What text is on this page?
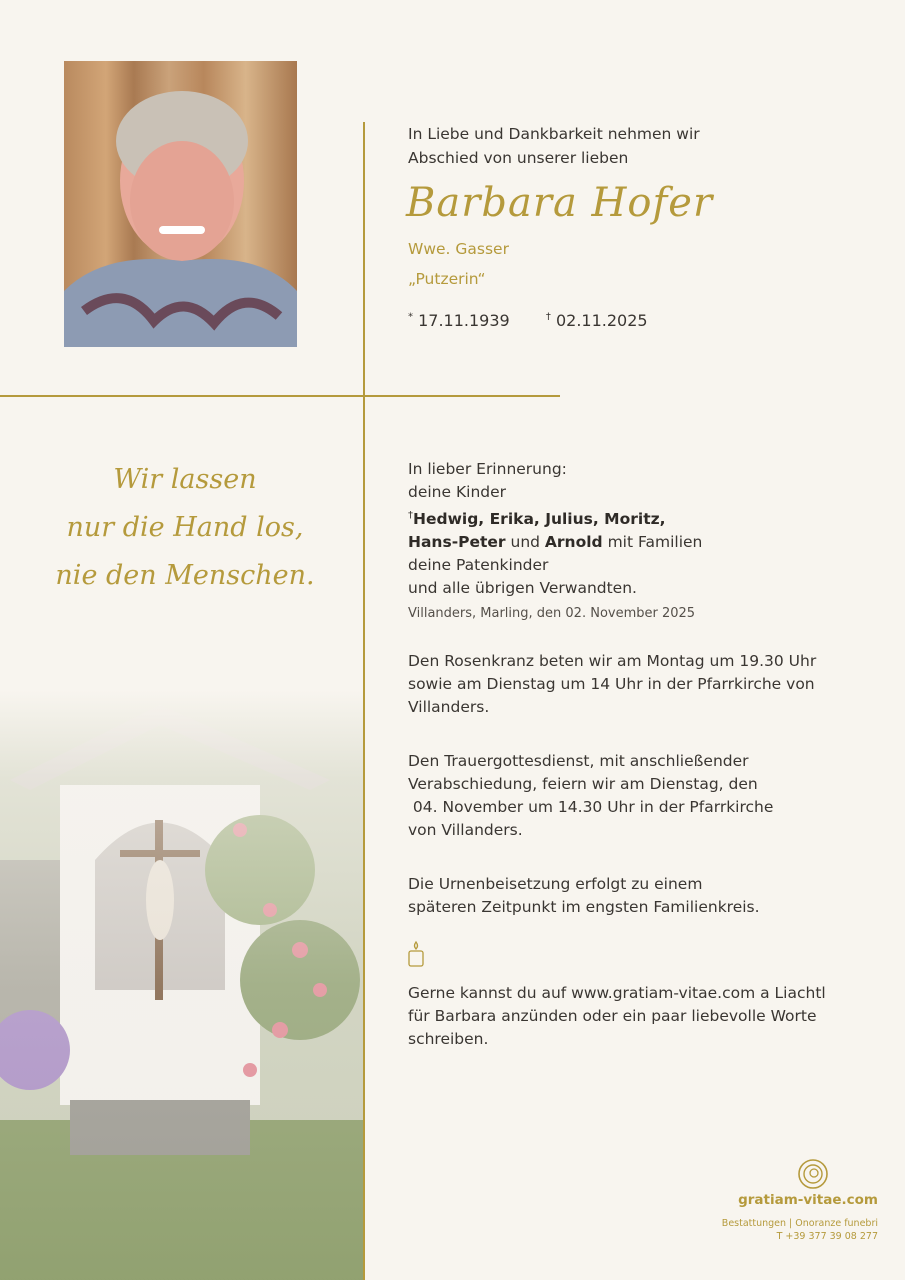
In Liebe und Dankbarkeit nehmen wir
Abschied von unserer lieben
Barbara Hofer
Wwe. Gasser
„Putzerin“
* 17.11.1939	† 02.11.2025
Wir lassen
nur die Hand los,
nie den Menschen.
In lieber Erinnerung:
deine Kinder
†Hedwig, Erika, Julius, Moritz,
Hans-Peter und Arnold mit Familien
deine Patenkinder
und alle übrigen Verwandten.
Villanders, Marling, den 02. November 2025
Den Rosenkranz beten wir am Montag um 19.30 Uhr
sowie am Dienstag um 14 Uhr in der Pfarrkirche von
Villanders.
Den Trauergottesdienst, mit anschließender
Verabschiedung, feiern wir am Dienstag, den
04. November um 14.30 Uhr in der Pfarrkirche
von Villanders.
Die Urnenbeisetzung erfolgt zu einem
späteren Zeitpunkt im engsten Familienkreis.
Gerne kannst du auf www.gratiam-vitae.com a Liachtl
für Barbara anzünden oder ein paar liebevolle Worte
schreiben.
gratiam-vitae.com
Bestattungen | Onoranze funebri
T +39 377 39 08 277
